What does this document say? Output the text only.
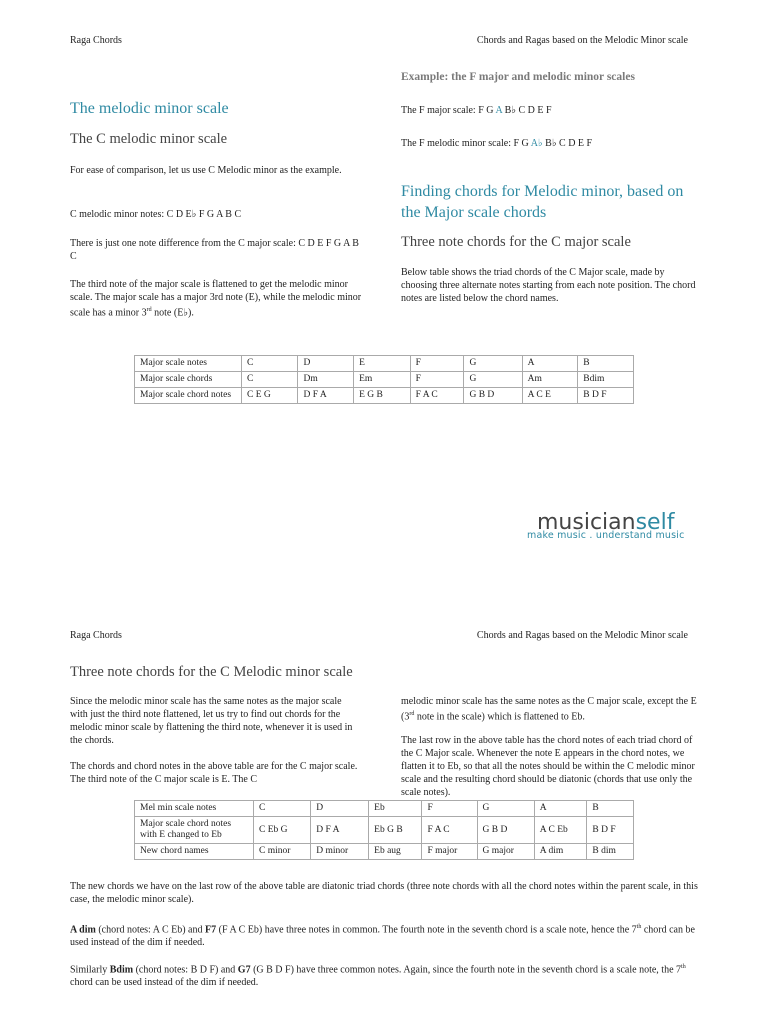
Raga Chords	Chords and Ragas based on the Melodic Minor scale
The melodic minor scale
The C melodic minor scale
For ease of comparison, let us use C Melodic minor as the example.
C melodic minor notes: C D E♭ F G A B C
There is just one note difference from the C major scale: C D E F G A B C
The third note of the major scale is flattened to get the melodic minor scale. The major scale has a major 3rd note (E), while the melodic minor scale has a minor 3rd note (E♭).
Example: the F major and melodic minor scales
The F major scale: F G A B♭ C D E F
The F melodic minor scale: F G A♭ B♭ C D E F
Finding chords for Melodic minor, based on the Major scale chords
Three note chords for the C major scale
Below table shows the triad chords of the C Major scale, made by choosing three alternate notes starting from each note position. The chord notes are listed below the chord names.
Major scale notes	C	D	E	F	G	A	B
Major scale chords	C	Dm	Em	F	G	Am	Bdim
Major scale chord notes	C E G	D F A	E G B	F A C	G B D	A C E	B D F
musicianself
make music . understand music
Raga Chords	Chords and Ragas based on the Melodic Minor scale
Three note chords for the C Melodic minor scale
Since the melodic minor scale has the same notes as the major scale with just the third note flattened, let us try to find out chords for the melodic minor scale by flattening the third note, whenever it is used in the chords.
The chords and chord notes in the above table are for the C major scale. The third note of the C major scale is E. The C
melodic minor scale has the same notes as the C major scale, except the E (3rd note in the scale) which is flattened to Eb.
The last row in the above table has the chord notes of each triad chord of the C Major scale. Whenever the note E appears in the chord notes, we flatten it to Eb, so that all the notes should be within the C melodic minor scale and the resulting chord should be diatonic (chords that use only the scale notes).
Mel min scale notes	C	D	Eb	F	G	A	B
Major scale chord notes with E changed to Eb	C Eb G	D F A	Eb G B	F A C	G B D	A C Eb	B D F
New chord names	C minor	D minor	Eb aug	F major	G major	A dim	B dim
The new chords we have on the last row of the above table are diatonic triad chords (three note chords with all the chord notes within the parent scale, in this case, the melodic minor scale).
A dim (chord notes: A C Eb) and F7 (F A C Eb) have three notes in common. The fourth note in the seventh chord is a scale note, hence the 7th chord can be used instead of the dim if needed.
Similarly Bdim (chord notes: B D F) and G7 (G B D F) have three common notes. Again, since the fourth note in the seventh chord is a scale note, the 7th chord can be used instead of the dim if needed.
